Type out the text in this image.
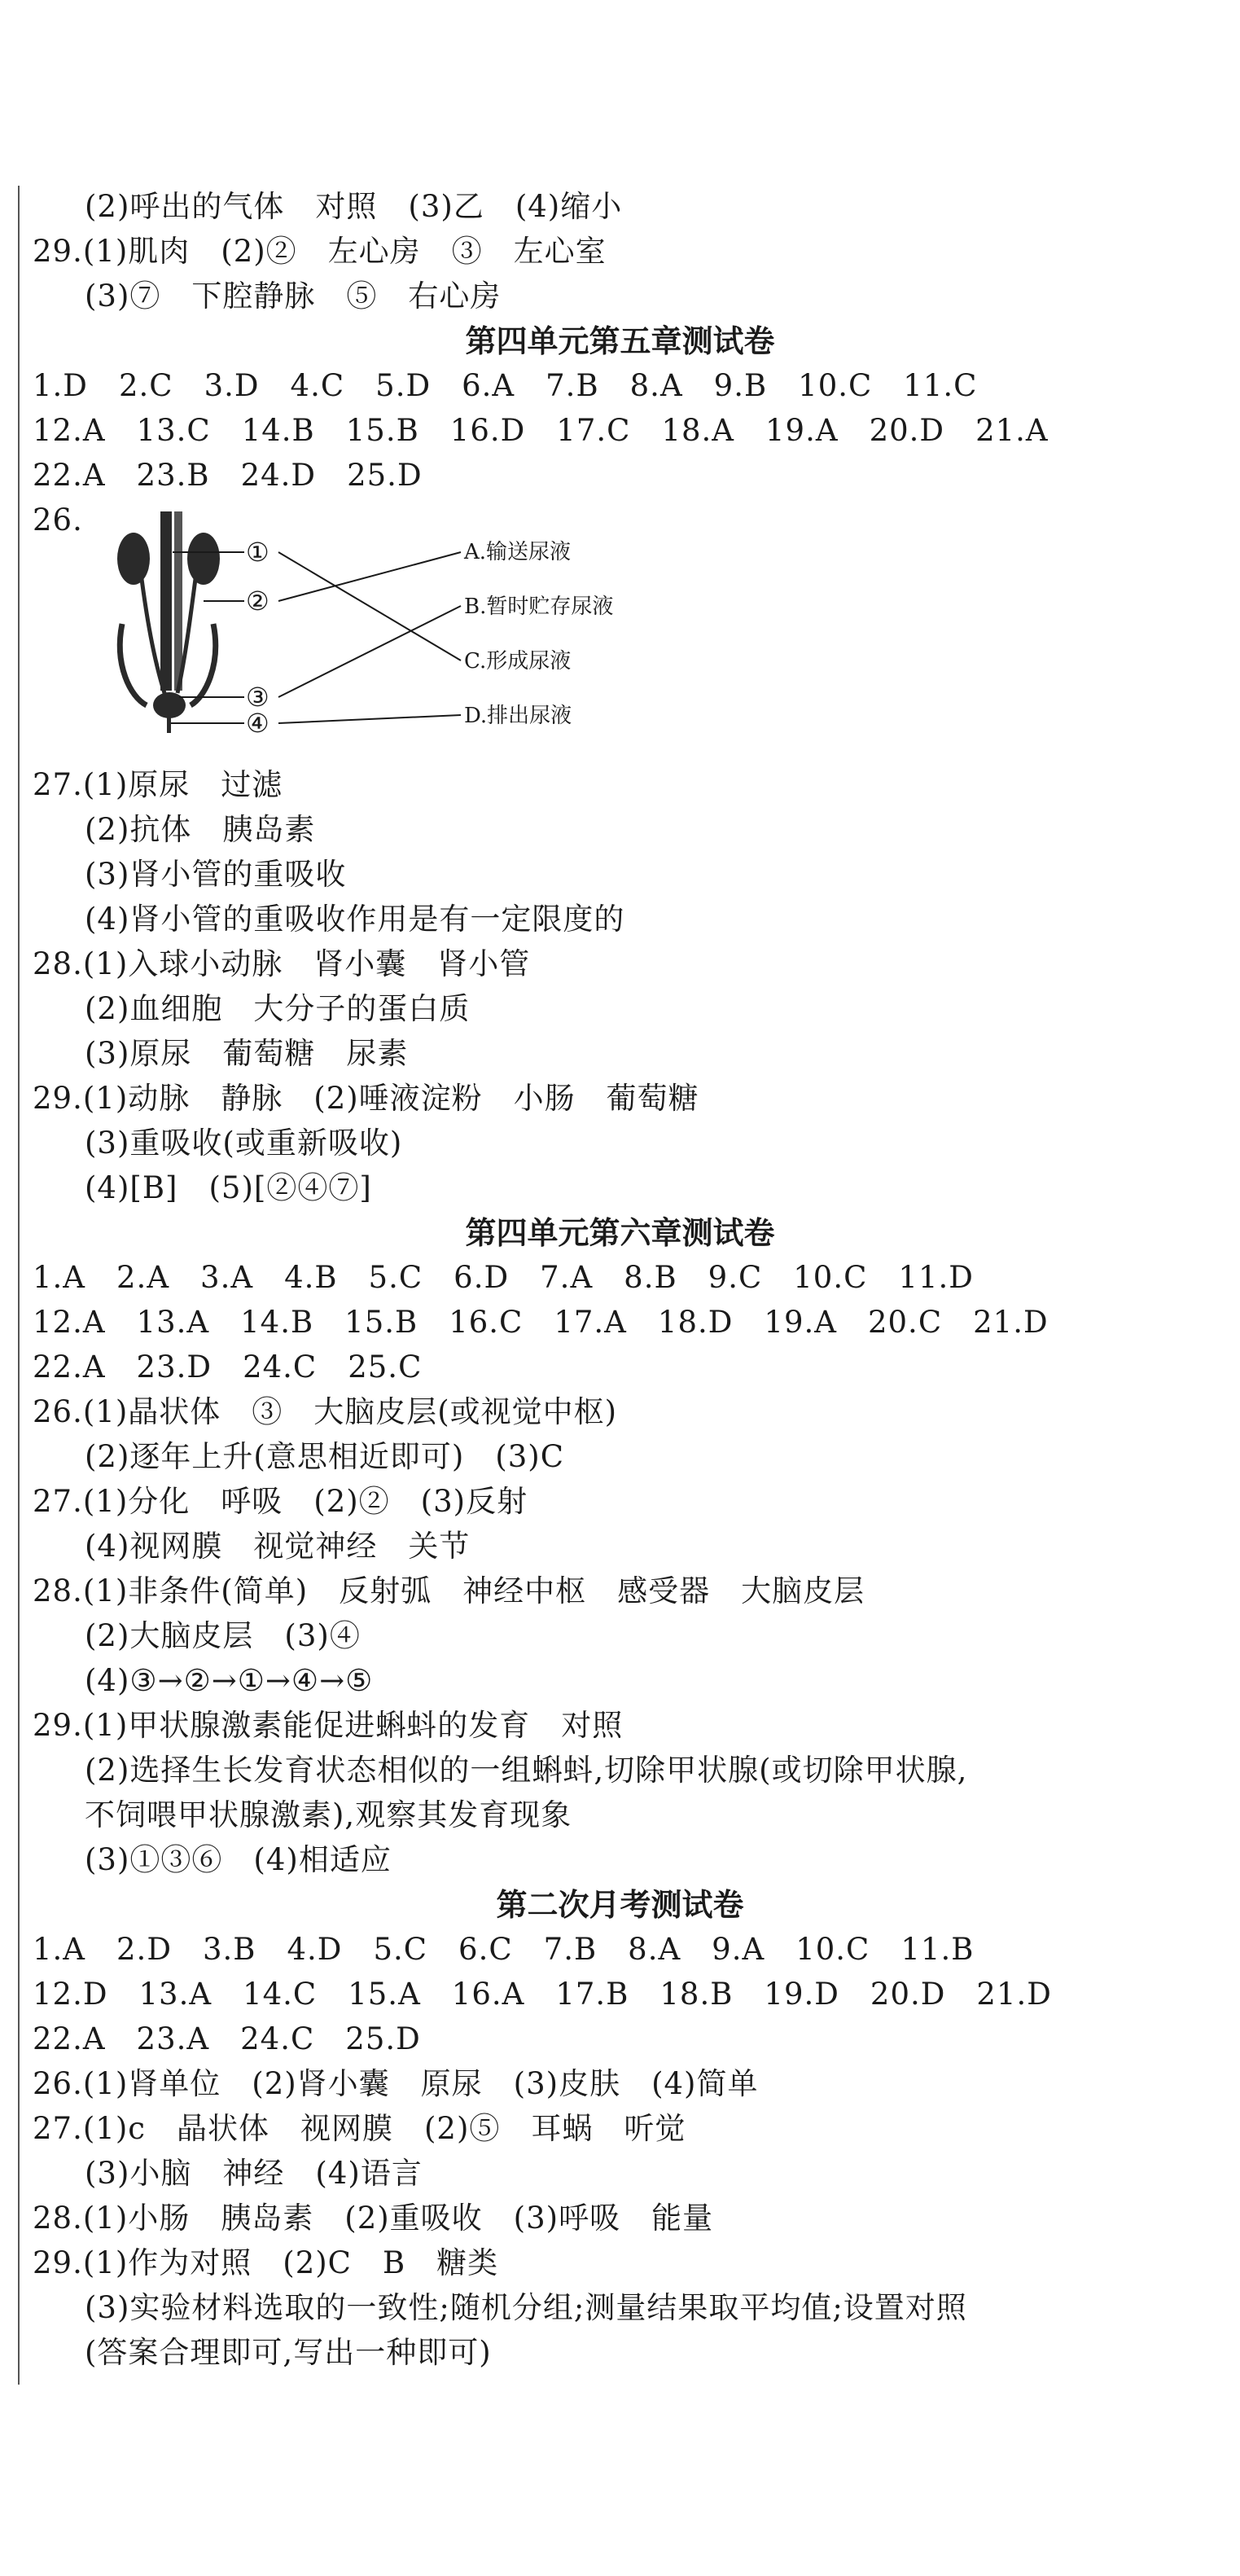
(2)呼出的气体　对照　(3)乙　(4)缩小
29.(1)肌肉　(2)②　左心房　③　左心室
(3)⑦　下腔静脉　⑤　右心房
第四单元第五章测试卷
1.D　2.C　3.D　4.C　5.D　6.A　7.B　8.A　9.B　10.C　11.C
12.A　13.C　14.B　15.B　16.D　17.C　18.A　19.A　20.D　21.A
22.A　23.B　24.D　25.D
26.
①
②
③
④
A.输送尿液
B.暂时贮存尿液
C.形成尿液
D.排出尿液
27.(1)原尿　过滤
(2)抗体　胰岛素
(3)肾小管的重吸收
(4)肾小管的重吸收作用是有一定限度的
28.(1)入球小动脉　肾小囊　肾小管
(2)血细胞　大分子的蛋白质
(3)原尿　葡萄糖　尿素
29.(1)动脉　静脉　(2)唾液淀粉　小肠　葡萄糖
(3)重吸收(或重新吸收)
(4)[B]　(5)[②④⑦]
第四单元第六章测试卷
1.A　2.A　3.A　4.B　5.C　6.D　7.A　8.B　9.C　10.C　11.D
12.A　13.A　14.B　15.B　16.C　17.A　18.D　19.A　20.C　21.D
22.A　23.D　24.C　25.C
26.(1)晶状体　③　大脑皮层(或视觉中枢)
(2)逐年上升(意思相近即可)　(3)C
27.(1)分化　呼吸　(2)②　(3)反射
(4)视网膜　视觉神经　关节
28.(1)非条件(简单)　反射弧　神经中枢　感受器　大脑皮层
(2)大脑皮层　(3)④
(4)③→②→①→④→⑤
29.(1)甲状腺激素能促进蝌蚪的发育　对照
(2)选择生长发育状态相似的一组蝌蚪,切除甲状腺(或切除甲状腺,
不饲喂甲状腺激素),观察其发育现象
(3)①③⑥　(4)相适应
第二次月考测试卷
1.A　2.D　3.B　4.D　5.C　6.C　7.B　8.A　9.A　10.C　11.B
12.D　13.A　14.C　15.A　16.A　17.B　18.B　19.D　20.D　21.D
22.A　23.A　24.C　25.D
26.(1)肾单位　(2)肾小囊　原尿　(3)皮肤　(4)简单
27.(1)c　晶状体　视网膜　(2)⑤　耳蜗　听觉
(3)小脑　神经　(4)语言
28.(1)小肠　胰岛素　(2)重吸收　(3)呼吸　能量
29.(1)作为对照　(2)C　B　糖类
(3)实验材料选取的一致性;随机分组;测量结果取平均值;设置对照
(答案合理即可,写出一种即可)
